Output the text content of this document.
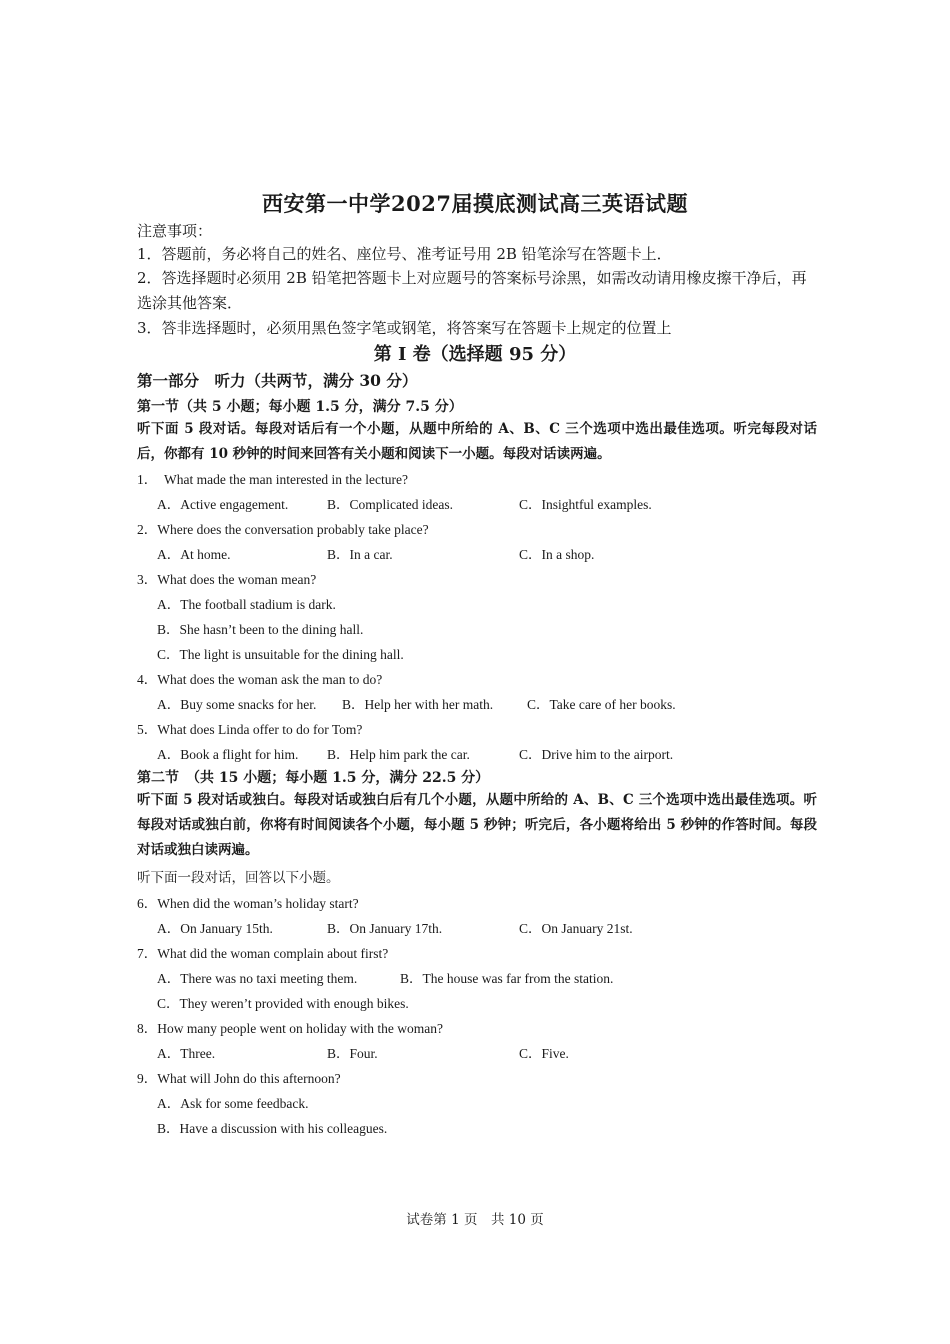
西安第一中学2027届摸底测试高三英语试题
注意事项：
1．答题前，务必将自己的姓名、座位号、准考证号用 2B 铅笔涂写在答题卡上．
2．答选择题时必须用 2B 铅笔把答题卡上对应题号的答案标号涂黑，如需改动请用橡皮擦干净后，再选涂其他答案．
3．答非选择题时，必须用黑色签字笔或钢笔，将答案写在答题卡上规定的位置上
第 I 卷（选择题 95 分）
第一部分　听力（共两节，满分 30 分）
第一节（共 5 小题；每小题 1.5 分，满分 7.5 分）
听下面 5 段对话。每段对话后有一个小题，从题中所给的 A、B、C 三个选项中选出最佳选项。听完每段对话后，你都有 10 秒钟的时间来回答有关小题和阅读下一小题。每段对话读两遍。
1．　What made the man interested in the lecture?
A．Active engagement.	B．Complicated ideas.	C．Insightful examples.
2．Where does the conversation probably take place?
A．At home.	B．In a car.	C．In a shop.
3．What does the woman mean?
A．The football stadium is dark.
B．She hasn’t been to the dining hall.
C．The light is unsuitable for the dining hall.
4．What does the woman ask the man to do?
A．Buy some snacks for her. B．Help her with her math.	C．Take care of her books.
5．What does Linda offer to do for Tom?
A．Book a flight for him. B．Help him park the car.	C．Drive him to the airport.
第二节　（共 15 小题；每小题 1.5 分，满分 22.5 分）
听下面 5 段对话或独白。每段对话或独白后有几个小题，从题中所给的 A、B、C 三个选项中选出最佳选项。听每段对话或独白前，你将有时间阅读各个小题，每小题 5 秒钟；听完后，各小题将给出 5 秒钟的作答时间。每段对话或独白读两遍。
听下面一段对话，回答以下小题。
6．When did the woman’s holiday start?
A．On January 15th.	B．On January 17th.	C．On January 21st.
7．What did the woman complain about first?
A．There was no taxi meeting them.	B．The house was far from the station.
C．They weren’t provided with enough bikes.
8．How many people went on holiday with the woman?
A．Three.	B．Four.	C．Five.
9．What will John do this afternoon?
A．Ask for some feedback.
B．Have a discussion with his colleagues.
试卷第 1 页　共 10 页
